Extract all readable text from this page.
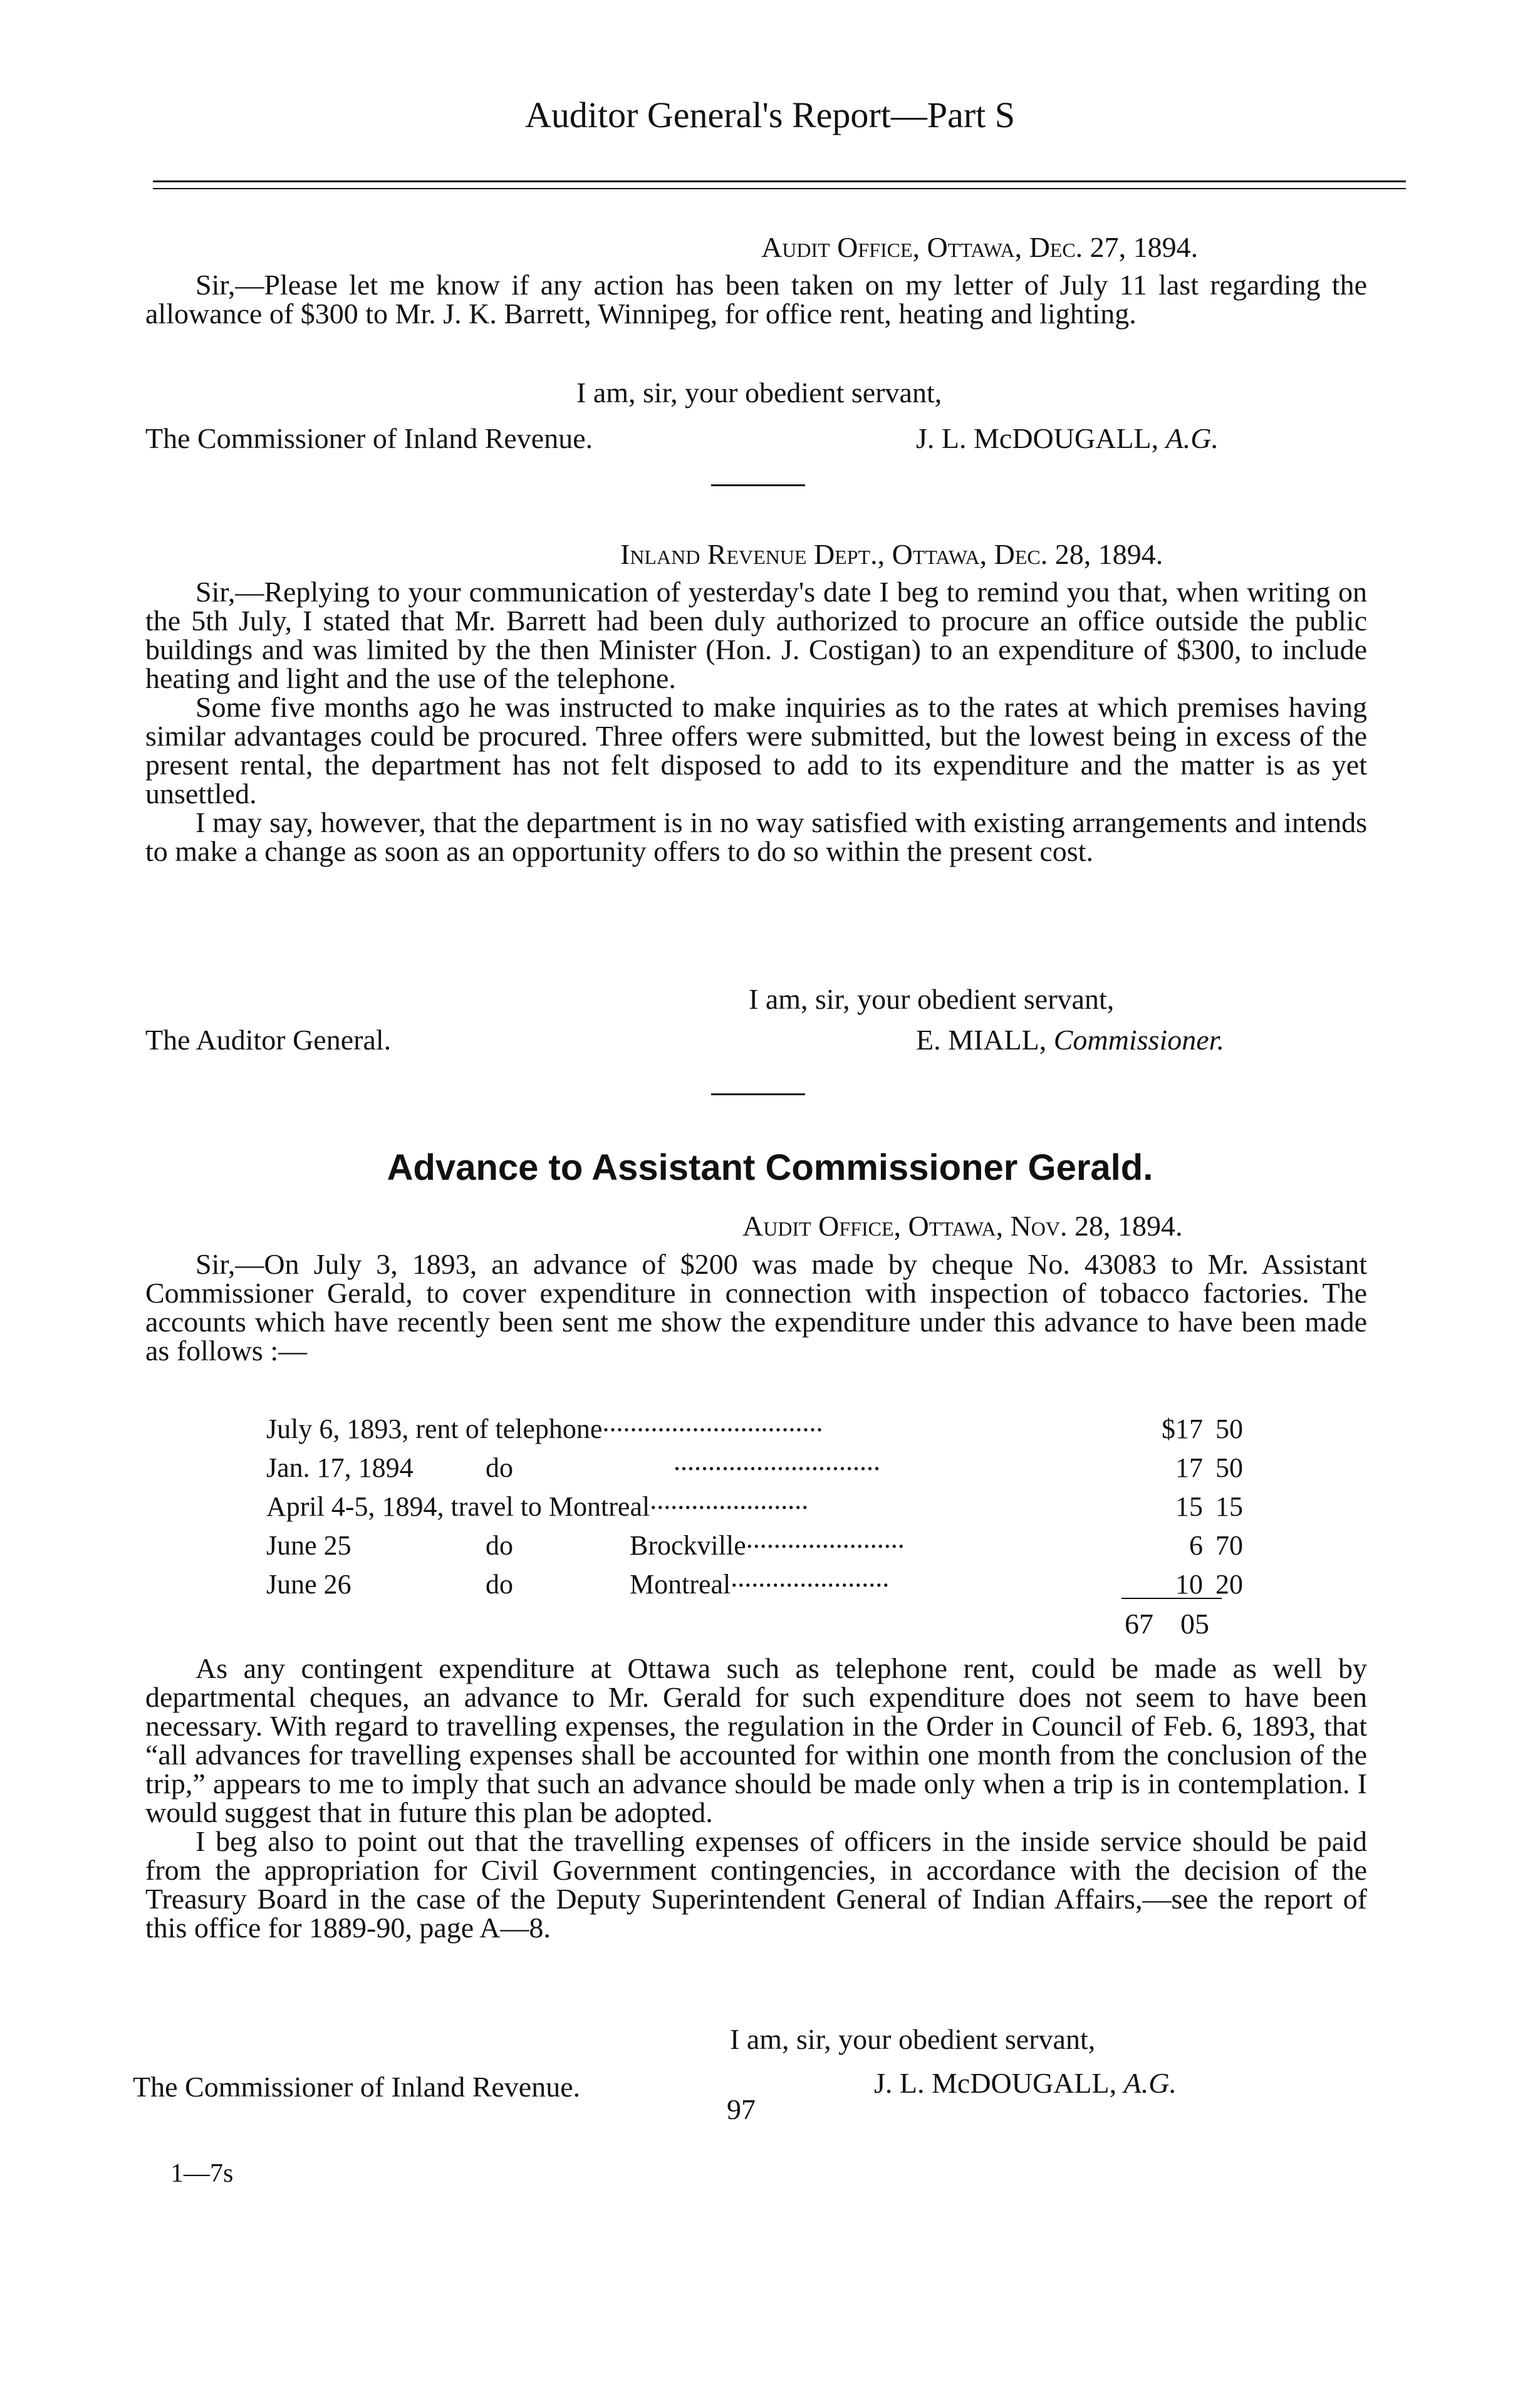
Auditor General's Report—Part S
Audit Office, Ottawa, Dec. 27, 1894.

Sir,—Please let me know if any action has been taken on my letter of July 11 last regarding the allowance of $300 to Mr. J. K. Barrett, Winnipeg, for office rent, heating and lighting.

I am, sir, your obedient servant,
The Commissioner of Inland Revenue.	J. L. McDOUGALL, A.G.
Inland Revenue Dept., Ottawa, Dec. 28, 1894.

Sir,—Replying to your communication of yesterday's date I beg to remind you that, when writing on the 5th July, I stated that Mr. Barrett had been duly authorized to procure an office outside the public buildings and was limited by the then Minister (Hon. J. Costigan) to an expenditure of $300, to include heating and light and the use of the telephone.

Some five months ago he was instructed to make inquiries as to the rates at which premises having similar advantages could be procured. Three offers were submitted, but the lowest being in excess of the present rental, the department has not felt disposed to add to its expenditure and the matter is as yet unsettled.

I may say, however, that the department is in no way satisfied with existing arrangements and intends to make a change as soon as an opportunity offers to do so within the present cost.

I am, sir, your obedient servant,
The Auditor General.	E. MIALL, Commissioner.
Advance to Assistant Commissioner Gerald.
Audit Office, Ottawa, Nov. 28, 1894.

Sir,—On July 3, 1893, an advance of $200 was made by cheque No. 43083 to Mr. Assistant Commissioner Gerald, to cover expenditure in connection with inspection of tobacco factories. The accounts which have recently been sent me show the expenditure under this advance to have been made as follows :—

July 6, 1893, rent of telephone................................	$17	50
Jan. 17, 1894 do ..............................	17	50
April 4-5, 1894, travel to Montreal.......................	15	15
June 25 do Brockville.......................	6	70
June 26 do Montreal.......................	10	20
67 05

As any contingent expenditure at Ottawa such as telephone rent, could be made as well by departmental cheques, an advance to Mr. Gerald for such expenditure does not seem to have been necessary. With regard to travelling expenses, the regulation in the Order in Council of Feb. 6, 1893, that “all advances for travelling expenses shall be accounted for within one month from the conclusion of the trip,” appears to me to imply that such an advance should be made only when a trip is in contemplation. I would suggest that in future this plan be adopted.

I beg also to point out that the travelling expenses of officers in the inside service should be paid from the appropriation for Civil Government contingencies, in accordance with the decision of the Treasury Board in the case of the Deputy Superintendent General of Indian Affairs,—see the report of this office for 1889-90, page A—8.

I am, sir, your obedient servant,
The Commissioner of Inland Revenue.	J. L. McDOUGALL, A.G.
97
1—7s
